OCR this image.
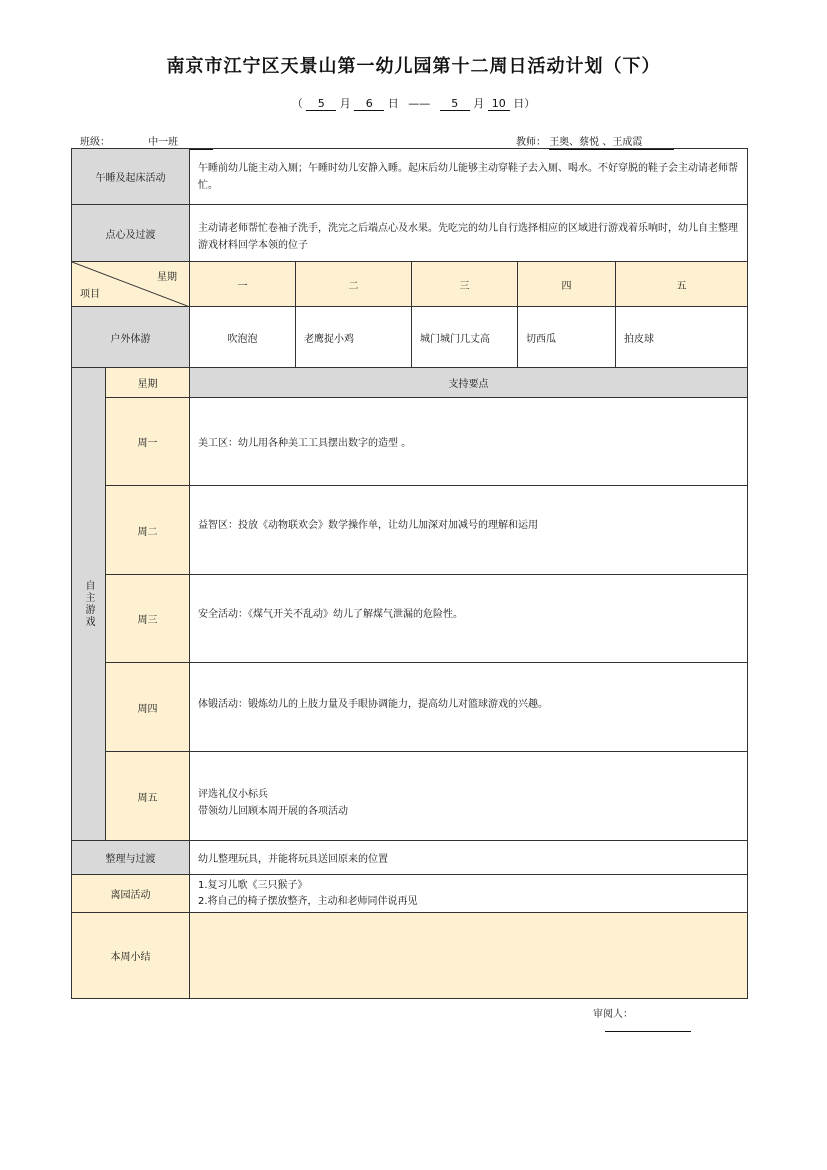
南京市江宁区天景山第一幼儿园第十二周日活动计划（下）
（ 5 月 6 日 —— 5 月 10 日）
班级：	中一班	教师： 王奥、蔡悦 、王成霞
午睡及起床活动		午睡前幼儿能主动入厕；午睡时幼儿安静入睡。起床后幼儿能够主动穿鞋子去入厕、喝水。不好穿脱的鞋子会主动请老师帮忙。				
点心及过渡		主动请老师帮忙卷袖子洗手，洗完之后端点心及水果。先吃完的幼儿自行选择相应的区域进行游戏着乐响时，幼儿自主整理游戏材料回学本领的位子				

星期
项目		一	二	三	四	五
户外体游		吹泡泡	老鹰捉小鸡	城门城门几丈高	切西瓜	拍皮球

自主游戏	星期	支持要点				
	周一	美工区：幼儿用各种美工工具摆出数字的造型 。				
	周二	益智区：投放《动物联欢会》数学操作单，让幼儿加深对加减号的理解和运用				
	周三	安全活动：《煤气开关不乱动》幼儿了解煤气泄漏的危险性。				
	周四	体锻活动：锻炼幼儿的上肢力量及手眼协调能力，提高幼儿对篮球游戏的兴趣。				
	周五	评选礼仪小标兵
带领幼儿回顾本周开展的各项活动				

整理与过渡		幼儿整理玩具，并能将玩具送回原来的位置				
离园活动		1.复习儿歌《三只猴子》
2.将自己的椅子摆放整齐，主动和老师同伴说再见				

本周小结						
审阅人：
